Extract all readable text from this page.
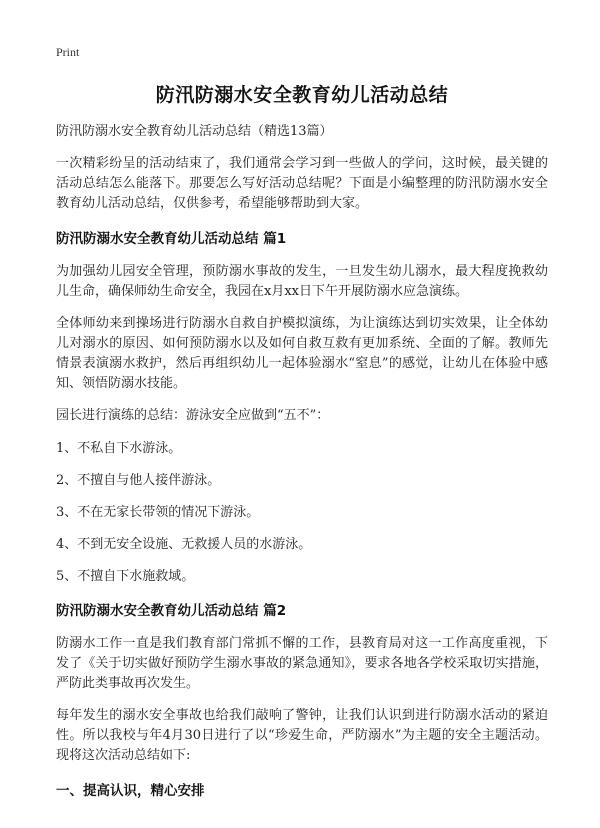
Print
防汛防溺水安全教育幼儿活动总结
防汛防溺水安全教育幼儿活动总结（精选13篇）

一次精彩纷呈的活动结束了，我们通常会学习到一些做人的学问，这时候，最关键的活动总结怎么能落下。那要怎么写好活动总结呢？下面是小编整理的防汛防溺水安全教育幼儿活动总结，仅供参考，希望能够帮助到大家。

防汛防溺水安全教育幼儿活动总结 篇1

为加强幼儿园安全管理，预防溺水事故的发生，一旦发生幼儿溺水，最大程度挽救幼儿生命，确保师幼生命安全，我园在x月xx日下午开展防溺水应急演练。

全体师幼来到操场进行防溺水自救自护模拟演练，为让演练达到切实效果，让全体幼儿对溺水的原因、如何预防溺水以及如何自救互救有更加系统、全面的了解。教师先情景表演溺水救护，然后再组织幼儿一起体验溺水“窒息”的感觉，让幼儿在体验中感知、领悟防溺水技能。

园长进行演练的总结：游泳安全应做到“五不”：

1、不私自下水游泳。
2、不擅自与他人接伴游泳。
3、不在无家长带领的情况下游泳。
4、不到无安全设施、无救援人员的水游泳。
5、不擅自下水施救域。
防汛防溺水安全教育幼儿活动总结 篇2

防溺水工作一直是我们教育部门常抓不懈的工作，县教育局对这一工作高度重视，下发了《关于切实做好预防学生溺水事故的紧急通知》，要求各地各学校采取切实措施，严防此类事故再次发生。

每年发生的溺水安全事故也给我们敲响了警钟，让我们认识到进行防溺水活动的紧迫性。所以我校与年4月30日进行了以“珍爱生命，严防溺水”为主题的安全主题活动。现将这次活动总结如下:

一、提高认识，精心安排
